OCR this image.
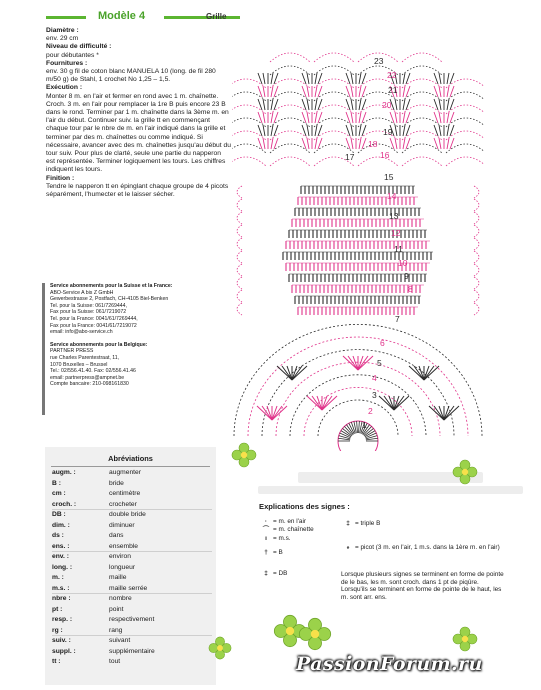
Modèle 4	Grille

Diamètre :

env. 29 cm

Niveau de difficulté :

pour débutantes *

Fournitures :

env. 30 g fil de coton blanc MANUELA 10 (long. de fil 280 m/50 g) de Stahl, 1 crochet No 1,25 – 1,5.

Exécution :

Monter 8 m. en l'air et fermer en rond avec 1 m. chaînette. Croch. 3 m. en l'air pour remplacer la 1re B puis encore 23 B dans le rond. Terminer par 1 m. chaînette dans la 3ème m. en l'air du début. Continuer suiv. la grille tt en commençant chaque tour par le nbre de m. en l'air indiqué dans la grille et terminer par des m. chaînettes ou comme indiqué. Si nécessaire, avancer avec des m. chaînettes jusqu'au début du tour suiv. Pour plus de clarté, seule une partie du napperon est représentée. Terminer logiquement les tours. Les chiffres indiquent les tours.

Finition :

Tendre le napperon tt en épinglant chaque groupe de 4 picots séparément, l'humecter et le laisser sécher.

Service abonnements pour la Suisse et la France:
ABO-Service A bis Z GmbH
Gewerbestrasse 2, Postfach, CH-4105 Biel-Benken
Tel. pour la Suisse: 061/7269444,
Fax pour la Suisse: 061/7219072
Tel. pour la France: 0041/61/7269444,
Fax pour la France: 0041/61/7219072
email: info@abo-service.ch
Service abonnements pour la Belgique:
PARTNER PRESS
rue Charles Parentestraat, 11,
1070 Bruxelles – Brussel
Tel.: 02/556.41.40. Fax: 02/556.41.46
email: partnerpress@ampnet.be
Compte bancaire: 210-098161830
Abréviations
augm. :	augmenter
B :	bride
cm :	centimètre
croch. :	crocheter
DB :	double bride
dim. :	diminuer
ds :	dans
ens. :	ensemble
env. :	environ
long. :	longueur
m. :	maille
m.s. :	maille serrée
nbre :	nombre
pt :	point
resp. :	respectivement
rg :	rang
suiv. :	suivant
suppl. :	supplémentaire
tt :	tout
23
22
21
20
19
18
17	16
15
14
13
12
11
10
9
8
7
6
5
4
3
2
1
Explications des signes :
· = m. en l'air
⌒ = m. chaînette
ı = m.s.
† = B
‡ = DB
‡ = triple B
∘ = picot (3 m. en l'air, 1 m.s. dans la 1ère m. en l'air)
Lorsque plusieurs signes se terminent en forme de pointe de le bas, les m. sont croch. dans 1 pt de piqûre. Lorsqu'ils se terminent en forme de pointe de le haut, les m. sont arr. ens.
PassionForum.ru
